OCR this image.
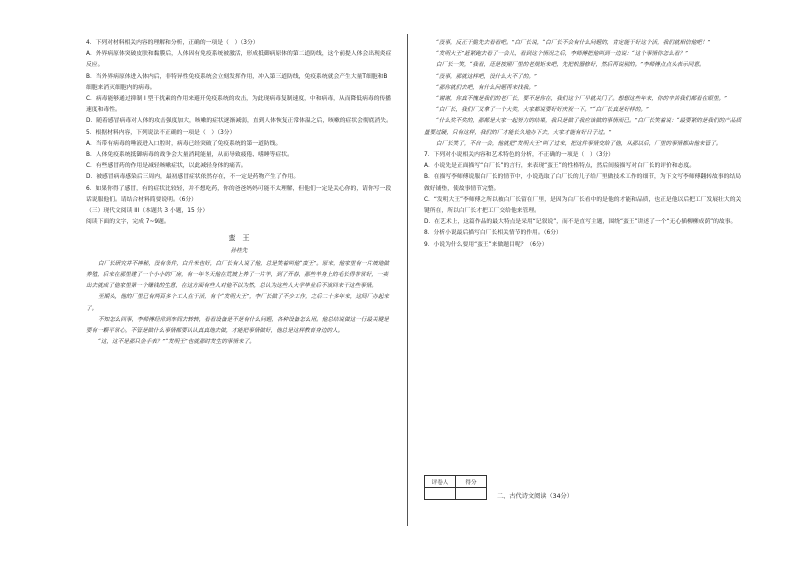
4．下列对材料相关内容的理解和分析，正确的一项是（　）（3分）

A．外界病原体突破皮肤和黏膜后，人体因有免疫系统被激活，形成抵御病原体的第二道防线，这个前提人体会出现炎症反应。

B．当外界病原体进入体内后，非特异性免疫系统会立刻发挥作用，冲入第三道防线，免疫系统就会产生大量T细胞和B细胞来消灭细胞内的病毒。

C．病毒能够通过抑制 I 型干扰素的作用来避开免疫系统的攻击，为此现病毒复制速度，中和病毒，从而降低病毒的传播速度和毒性。

D．随着感冒病毒对人体的攻击强度加大，咳嗽的症状逐渐减弱，直到人体恢复正常体温之后，咳嗽的症状会彻底消失。

5．根据材料内容，下列说法不正确的一项是（　）（3分）

A．当带有病毒的唾液进入口腔时，病毒已经突破了免疫系统的第一道防线。

B．人体免疫系统抵御病毒的战争会大量消耗能量，从而导致疲倦、嗜睡等症状。

C．有些感冒药的作用是减轻咳嗽症状，以此减轻身体的痛苦。

D．被感冒病毒感染后三周内，最初感冒症状依然存在，不一定是药物产生了作用。

6．如果你得了感冒，有的症状比较轻，并不想吃药，你的爸爸妈妈可能不太理解，但他们一定是关心你的，请你写一段话说服他们。请结合材料简要说明。（6分）

（三）现代文阅读 III（本题共 3 小题，15 分）

阅读下面的文字，完成 7~9题。

蛮　王

孙桂先

白厂长研究并不神秘，没有条件，白升米也好，白厂长有人说了他，总是笑着叫他“蛮王”。原来，他家里有一片坡地做养殖，后来在那里建了一个小小的厂房，有一年冬天他在荒坡上养了一片羊，到了开春，那些羊身上的毛长得非常好，一卖出去就成了他家里第一个赚钱的生意，在这方面有些人对他不以为然，总认为这些人大学毕业后不该回来干这些事情。

至期头，他的厂里已有两百多个工人在干活，有个“发明大王”，李厂长做了不少工作，之后二十多年来，这间厂办起来了。

不知怎么回事，李师傅经常到车间去转转，看看设备是不是有什么问题，各种设备怎么用。他总结说做这一行最关键是要有一颗平常心，不管是做什么事情都要认认真真地去做，才能把事情做好，他总是这样教育身边的人。

“这，这不是那只金手表？”“发明王”也就那时发生的事情来了。

“没事，反正干脆先去看看吧。”白厂长说，“白厂长不会有什么问题的，肯定能干好这个活，我们就相信他吧！”

“发明大王”赶紧跑去看了一会儿，看到这个情况之后，李师傅把他叫到一边说：“这个事情你怎么看？”

白厂长一笑，“我看，还是按照厂里的老规矩来吧，先把机器修好，然后再说别的。”李师傅点点头表示同意。

“没事，那就这样吧，没什么大不了的。”

“那你就们去吧，有什么问题再来找我。”

“谢谢，你真不愧是我们的老厂长，要不是你在，我们这个厂早就关门了。想想这些年来，你的辛苦我们都看在眼里。”

“白厂长，我们厂又拿了一个大奖，大家都说要好好庆祝一下。”“白厂长真是好样的。”

“什么奖不奖的，那都是大家一起努力的结果，我只是做了我应该做的事情而已。”白厂长笑着说：“最要紧的是我们的产品质量要过硬，只有这样，我们的厂才能长久地办下去，大家才能有好日子过。”

白厂长笑了，不自一会，他就把“发明大王”叫了过来，把这件事情交给了他，从那以后，厂里的事情都由他来管了。

7．下列对小说相关内容和艺术特色的分析，不正确的一项是（　）（3分）

A．小说先是正面描写“白厂长”的言行，来表现“蛮王”的性格特点，然后间接描写对白厂长的评价和态度。

B．在描写李师傅说服白厂长的情节中，小说选取了白厂长的儿子给厂里做技术工作的细节，为下文写李师傅翻转故事的结局做好铺垫，使故事情节完整。

C．“发明大王”李师傅之所以被白厂长留在厂里，是因为白厂长看中的是他的才能和品质，也正是他以后把工厂发展壮大的关键所在，所以白厂长才把工厂交给他来管理。

D．在艺术上，这篇作品的最大特点是采用“记叙说”，而不是直写主题，围绕“蛮王”讲述了一个“无心插柳柳成荫”的故事。

8．分析小说最后描写白厂长相关情节的作用。（6分）

9．小说为什么要用“蛮王”来做题目呢？（6分）

评卷人	得分

二、古代诗文阅读（34分）
